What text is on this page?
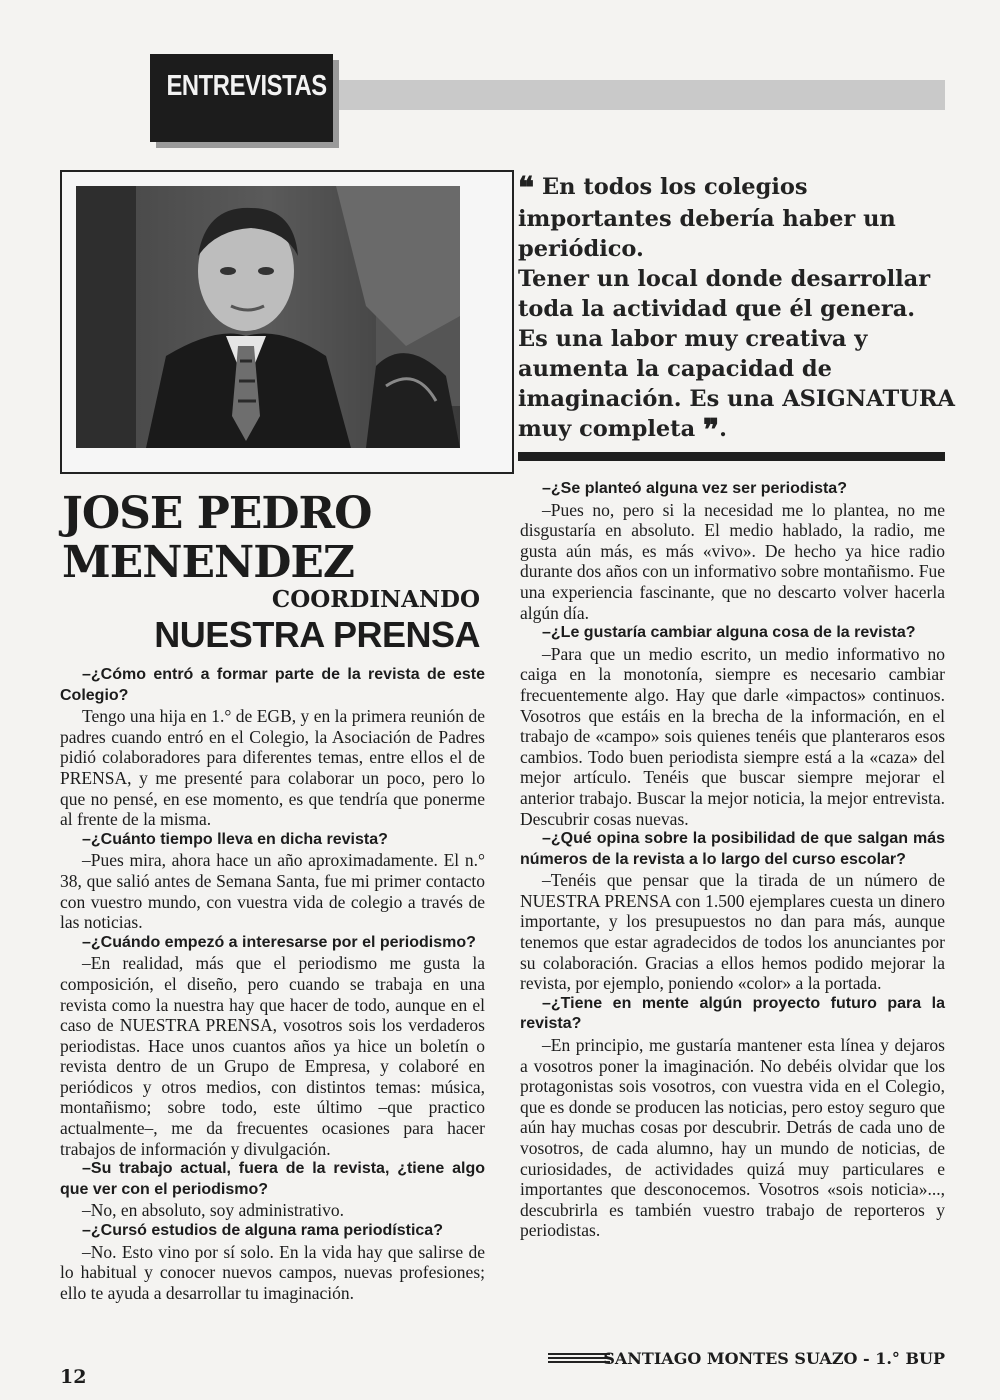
ENTREVISTAS
❝ En todos los colegios
importantes debería haber un
periódico.
Tener un local donde desarrollar
toda la actividad que él genera.
Es una labor muy creativa y
aumenta la capacidad de
imaginación. Es una ASIGNATURA
muy completa ❞.
JOSE PEDRO
MENENDEZ
COORDINANDO
NUESTRA PRENSA

–¿Cómo entró a formar parte de la revista de este Colegio?

Tengo una hija en 1.° de EGB, y en la primera reunión de padres cuando entró en el Colegio, la Asociación de Padres pidió colaboradores para diferentes temas, entre ellos el de PRENSA, y me presenté para colaborar un poco, pero lo que no pensé, en ese momento, es que tendría que ponerme al frente de la misma.

–¿Cuánto tiempo lleva en dicha revista?

–Pues mira, ahora hace un año aproximadamente. El n.° 38, que salió antes de Semana Santa, fue mi primer contacto con vuestro mundo, con vuestra vida de colegio a través de las noticias.

–¿Cuándo empezó a interesarse por el periodismo?

–En realidad, más que el periodismo me gusta la composición, el diseño, pero cuando se trabaja en una revista como la nuestra hay que hacer de todo, aunque en el caso de NUESTRA PRENSA, vosotros sois los verdaderos periodistas. Hace unos cuantos años ya hice un boletín o revista dentro de un Grupo de Empresa, y colaboré en periódicos y otros medios, con distintos temas: música, montañismo; sobre todo, este último –que practico actualmente–, me da frecuentes ocasiones para hacer trabajos de información y divulgación.

–Su trabajo actual, fuera de la revista, ¿tiene algo que ver con el periodismo?

–No, en absoluto, soy administrativo.

–¿Cursó estudios de alguna rama periodística?

–No. Esto vino por sí solo. En la vida hay que salirse de lo habitual y conocer nuevos campos, nuevas profesiones; ello te ayuda a desarrollar tu imaginación.

–¿Se planteó alguna vez ser periodista?

–Pues no, pero si la necesidad me lo plantea, no me disgustaría en absoluto. El medio hablado, la radio, me gusta aún más, es más «vivo». De hecho ya hice radio durante dos años con un informativo sobre montañismo. Fue una experiencia fascinante, que no descarto volver hacerla algún día.

–¿Le gustaría cambiar alguna cosa de la revista?

–Para que un medio escrito, un medio informativo no caiga en la monotonía, siempre es necesario cambiar frecuentemente algo. Hay que darle «impactos» continuos. Vosotros que estáis en la brecha de la información, en el trabajo de «campo» sois quienes tenéis que planteraros esos cambios. Todo buen periodista siempre está a la «caza» del mejor artículo. Tenéis que buscar siempre mejorar el anterior trabajo. Buscar la mejor noticia, la mejor entrevista. Descubrir cosas nuevas.

–¿Qué opina sobre la posibilidad de que salgan más números de la revista a lo largo del curso escolar?

–Tenéis que pensar que la tirada de un número de NUESTRA PRENSA con 1.500 ejemplares cuesta un dinero importante, y los presupuestos no dan para más, aunque tenemos que estar agradecidos de todos los anunciantes por su colaboración. Gracias a ellos hemos podido mejorar la revista, por ejemplo, poniendo «color» a la portada.

–¿Tiene en mente algún proyecto futuro para la revista?

–En principio, me gustaría mantener esta línea y dejaros a vosotros poner la imaginación. No debéis olvidar que los protagonistas sois vosotros, con vuestra vida en el Colegio, que es donde se producen las noticias, pero estoy seguro que aún hay muchas cosas por descubrir. Detrás de cada uno de vosotros, de cada alumno, hay un mundo de noticias, de curiosidades, de actividades quizá muy particulares e importantes que desconocemos. Vosotros «sois noticia»..., descubrirla es también vuestro trabajo de reporteros y periodistas.

SANTIAGO MONTES SUAZO - 1.° BUP
12
